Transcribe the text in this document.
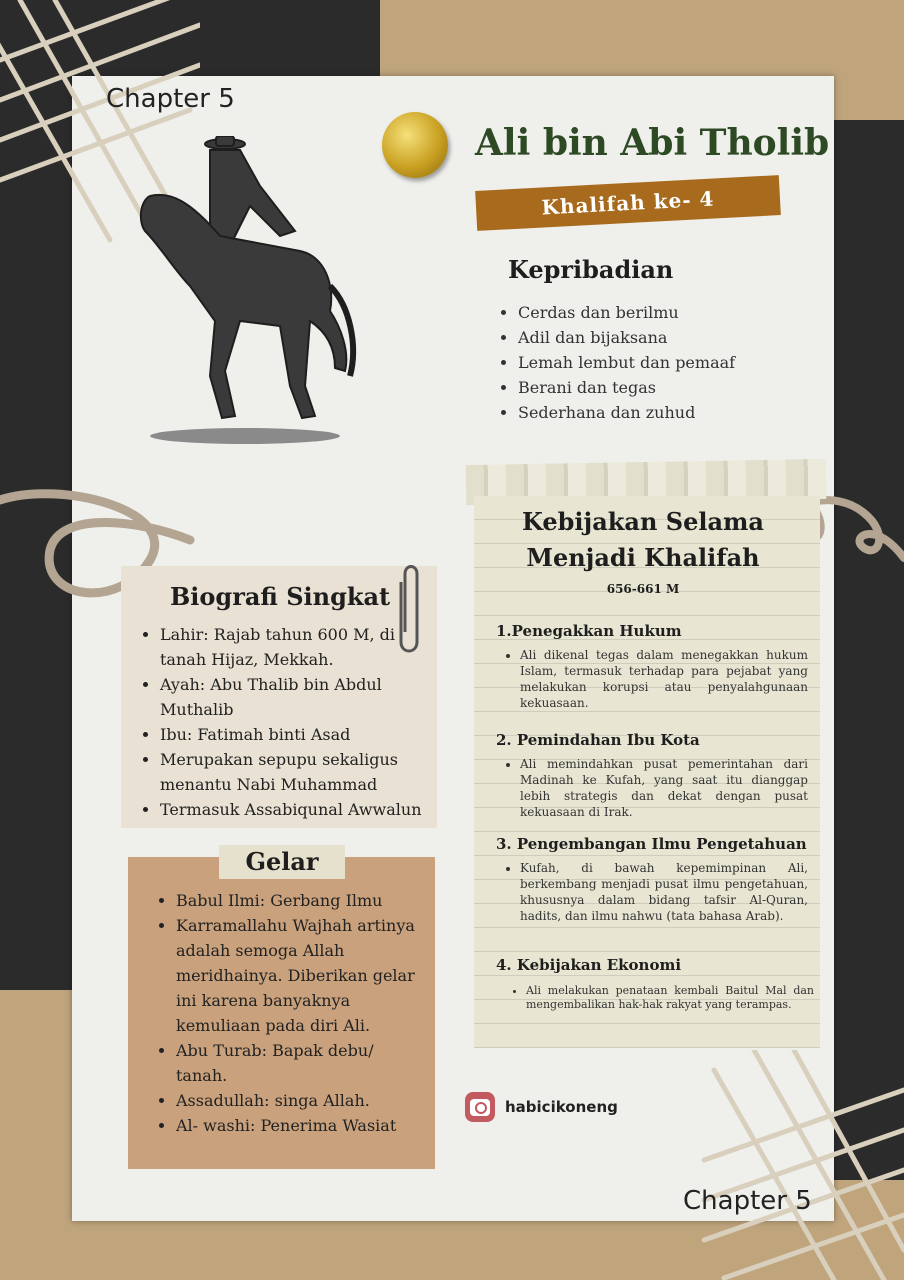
Chapter 5
Chapter 5
Ali bin Abi Tholib
Khalifah ke- 4
Kepribadian
• Cerdas dan berilmu
• Adil dan bijaksana
• Lemah lembut dan pemaaf
• Berani dan tegas
• Sederhana dan zuhud
Biografi Singkat
• Lahir: Rajab tahun 600 M, di tanah Hijaz, Mekkah.
• Ayah: Abu Thalib bin Abdul Muthalib
• Ibu: Fatimah binti Asad
• Merupakan sepupu sekaligus menantu Nabi Muhammad
• Termasuk Assabiqunal Awwalun
Gelar
• Babul Ilmi: Gerbang Ilmu
• Karramallahu Wajhah artinya adalah semoga Allah meridhainya. Diberikan gelar ini karena banyaknya kemuliaan pada diri Ali.
• Abu Turab: Bapak debu/ tanah.
• Assadullah: singa Allah.
• Al- washi: Penerima Wasiat
Kebijakan Selama
Menjadi Khalifah
656-661 M
1.Penegakkan Hukum
• Ali dikenal tegas dalam menegakkan hukum Islam, termasuk terhadap para pejabat yang melakukan korupsi atau penyalahgunaan kekuasaan.
2. Pemindahan Ibu Kota
• Ali memindahkan pusat pemerintahan dari Madinah ke Kufah, yang saat itu dianggap lebih strategis dan dekat dengan pusat kekuasaan di Irak.
3. Pengembangan Ilmu Pengetahuan
• Kufah, di bawah kepemimpinan Ali, berkembang menjadi pusat ilmu pengetahuan, khususnya dalam bidang tafsir Al-Quran, hadits, dan ilmu nahwu (tata bahasa Arab).
4. Kebijakan Ekonomi
• Ali melakukan penataan kembali Baitul Mal dan mengembalikan hak-hak rakyat yang terampas.
habicikoneng
